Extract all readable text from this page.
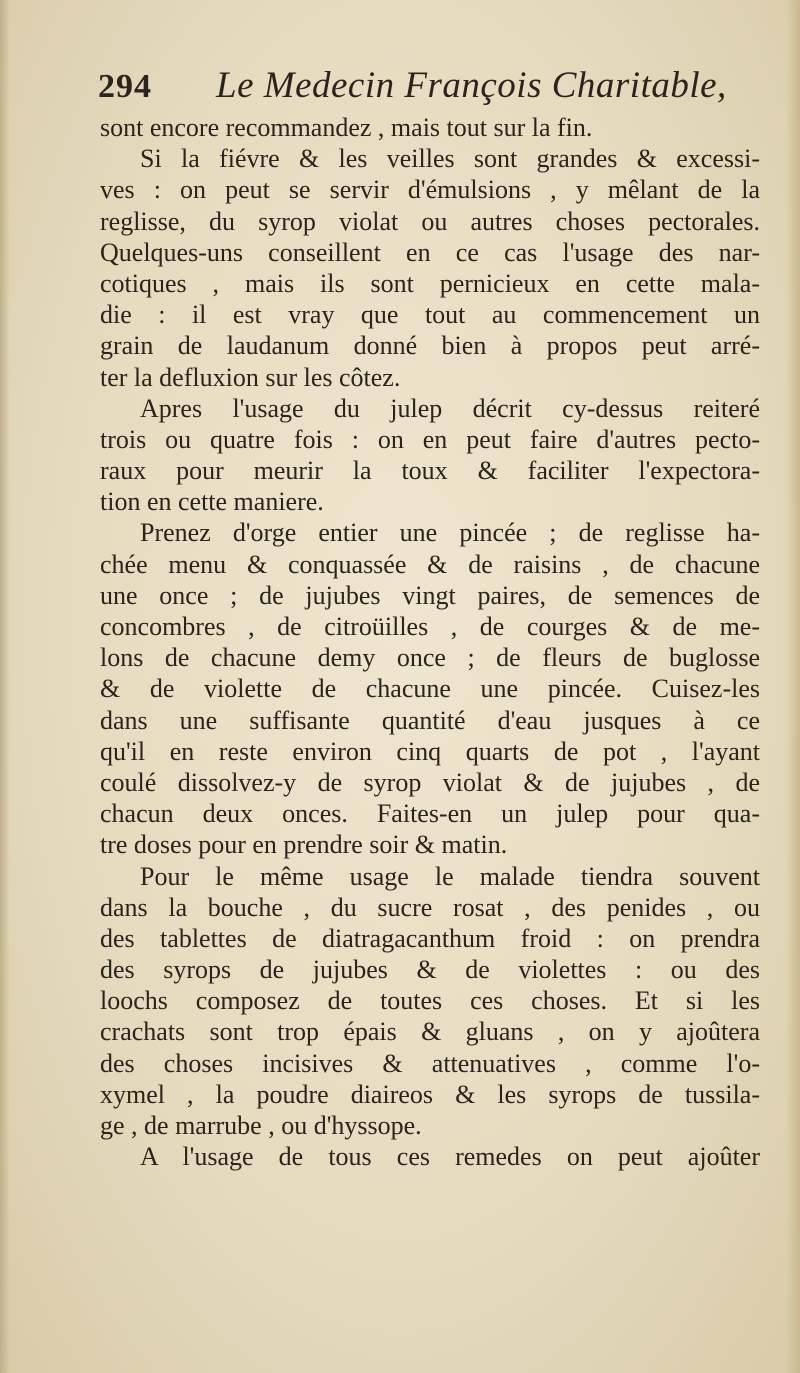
294 Le Medecin François Charitable,
sont encore recommandez , mais tout sur la fin.
Si la fiévre & les veilles sont grandes & excessi-
ves : on peut se servir d'émulsions , y mêlant de la
reglisse, du syrop violat ou autres choses pectorales.
Quelques-uns conseillent en ce cas l'usage des nar-
cotiques , mais ils sont pernicieux en cette mala-
die : il est vray que tout au commencement un
grain de laudanum donné bien à propos peut arré-
ter la defluxion sur les côtez.
Apres l'usage du julep décrit cy-dessus reiteré
trois ou quatre fois : on en peut faire d'autres pecto-
raux pour meurir la toux & faciliter l'expectora-
tion en cette maniere.
Prenez d'orge entier une pincée ; de reglisse ha-
chée menu & conquassée & de raisins , de chacune
une once ; de jujubes vingt paires, de semences de
concombres , de citroüilles , de courges & de me-
lons de chacune demy once ; de fleurs de buglosse
& de violette de chacune une pincée. Cuisez-les
dans une suffisante quantité d'eau jusques à ce
qu'il en reste environ cinq quarts de pot , l'ayant
coulé dissolvez-y de syrop violat & de jujubes , de
chacun deux onces. Faites-en un julep pour qua-
tre doses pour en prendre soir & matin.
Pour le même usage le malade tiendra souvent
dans la bouche , du sucre rosat , des penides , ou
des tablettes de diatragacanthum froid : on prendra
des syrops de jujubes & de violettes : ou des
loochs composez de toutes ces choses. Et si les
crachats sont trop épais & gluans , on y ajoûtera
des choses incisives & attenuatives , comme l'o-
xymel , la poudre diaireos & les syrops de tussila-
ge , de marrube , ou d'hyssope.
A l'usage de tous ces remedes on peut ajoûter
